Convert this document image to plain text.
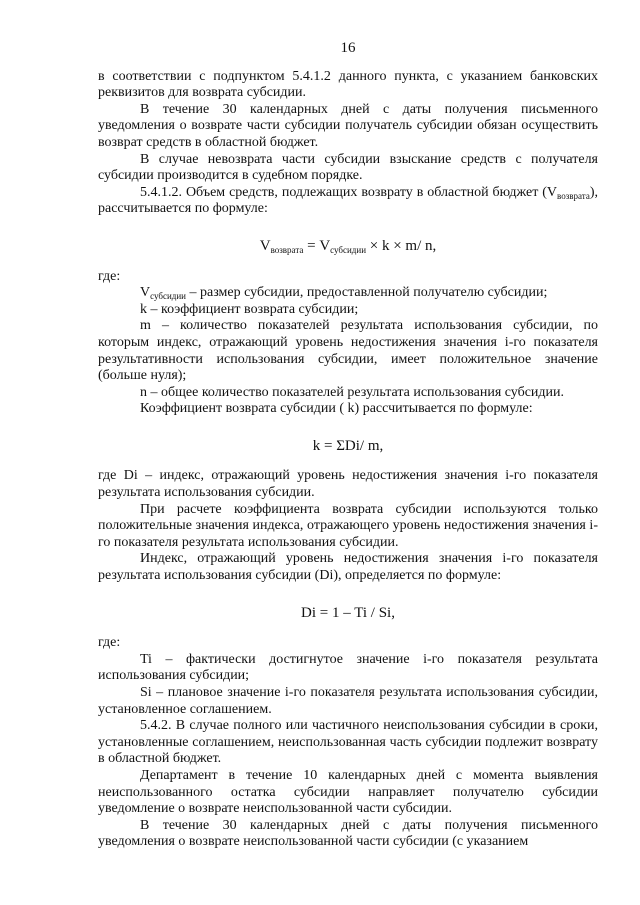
16

в соответствии с подпунктом 5.4.1.2 данного пункта, с указанием банковских реквизитов для возврата субсидии.

В течение 30 календарных дней с даты получения письменного уведомления о возврате части субсидии получатель субсидии обязан осуществить возврат средств в областной бюджет.

В случае невозврата части субсидии взыскание средств с получателя субсидии производится в судебном порядке.

5.4.1.2. Объем средств, подлежащих возврату в областной бюджет $(V_{возврата})$, рассчитывается по формуле:

$V_{возврата} = V_{субсидии} \times k \times m/$ n,

где:

$V_{субсидии}$ – размер субсидии, предоставленной получателю субсидии;

k – коэффициент возврата субсидии;

m – количество показателей результата использования субсидии, по которым индекс, отражающий уровень недостижения значения i-го показателя результативности использования субсидии, имеет положительное значение (больше нуля);

n – общее количество показателей результата использования субсидии.

Коэффициент возврата субсидии ( k) рассчитывается по формуле:

k = ΣDi/ m,

где Di – индекс, отражающий уровень недостижения значения i-го показателя результата использования субсидии.

При расчете коэффициента возврата субсидии используются только положительные значения индекса, отражающего уровень недостижения значения i-го показателя результата использования субсидии.

Индекс, отражающий уровень недостижения значения i-го показателя результата использования субсидии (Di), определяется по формуле:

Di = 1 – Ti / Si,

где:

Ti – фактически достигнутое значение i-го показателя результата использования субсидии;

Si – плановое значение i-го показателя результата использования субсидии, установленное соглашением.

5.4.2. В случае полного или частичного неиспользования субсидии в сроки, установленные соглашением, неиспользованная часть субсидии подлежит возврату в областной бюджет.

Департамент в течение 10 календарных дней с момента выявления неиспользованного остатка субсидии направляет получателю субсидии уведомление о возврате неиспользованной части субсидии.

В течение 30 календарных дней с даты получения письменного уведомления о возврате неиспользованной части субсидии (с указанием
